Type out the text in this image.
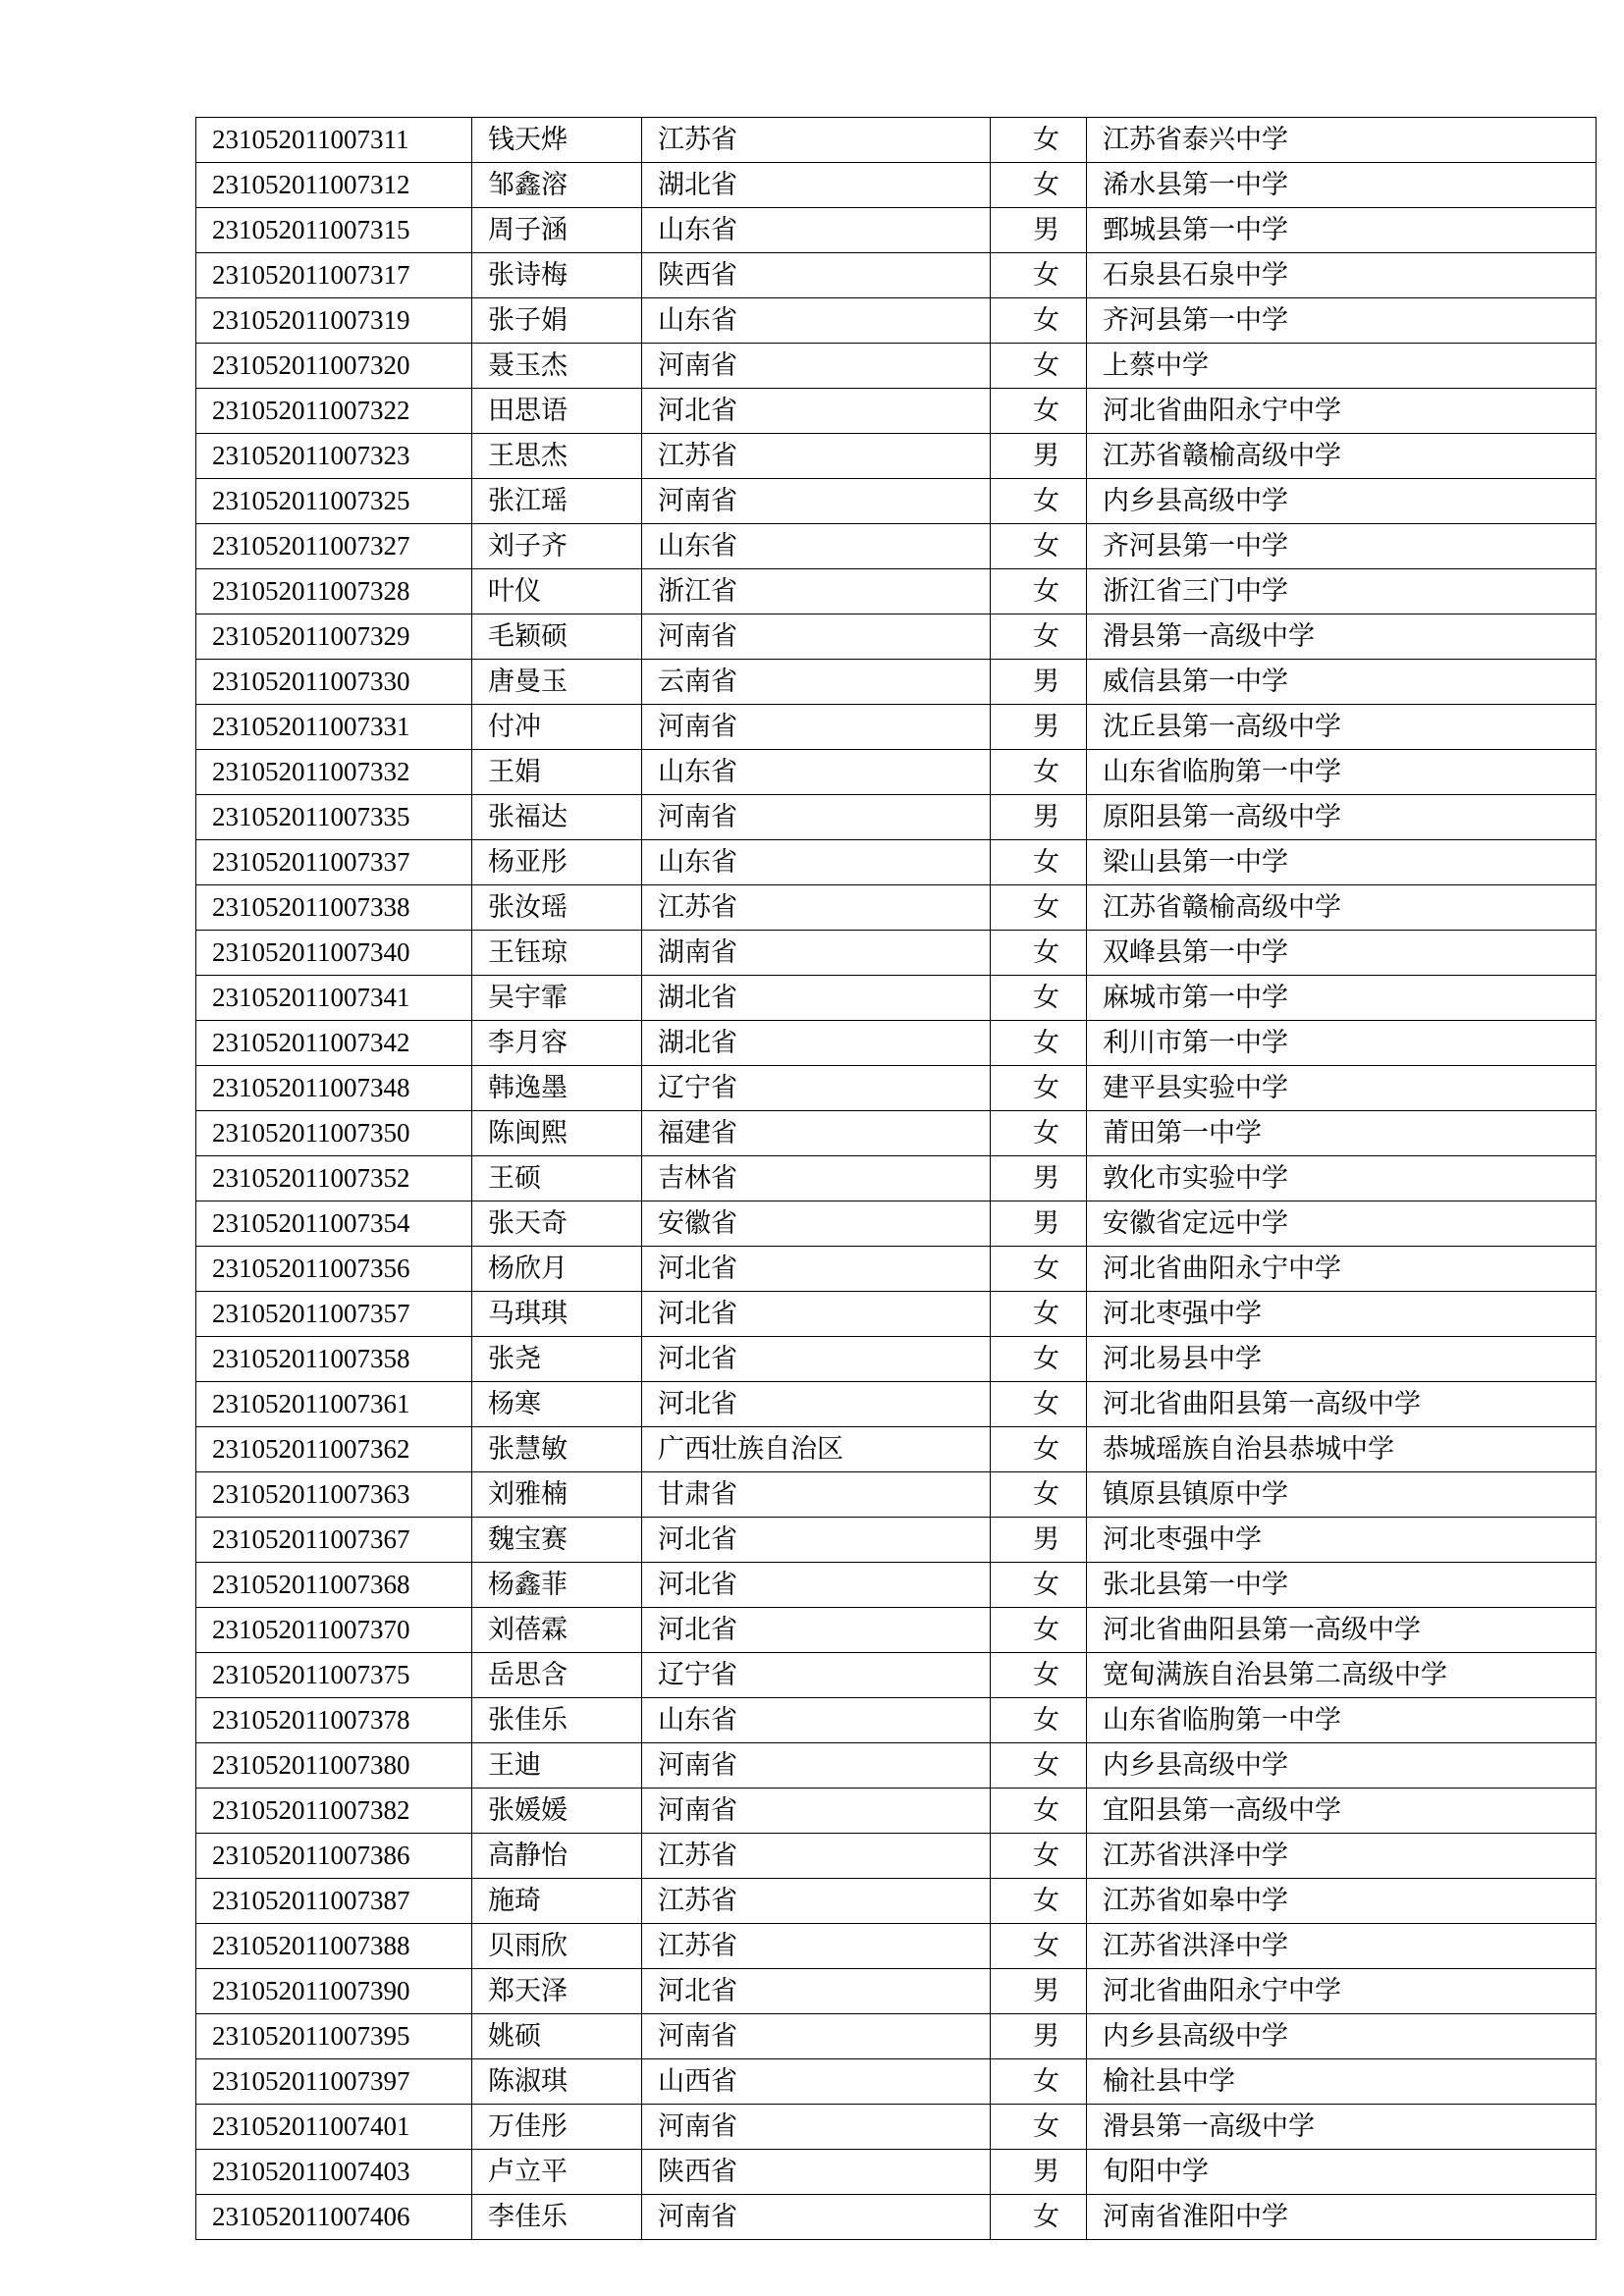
231052011007311	钱天烨	江苏省	女	江苏省泰兴中学
231052011007312	邹鑫溶	湖北省	女	浠水县第一中学
231052011007315	周子涵	山东省	男	鄄城县第一中学
231052011007317	张诗梅	陕西省	女	石泉县石泉中学
231052011007319	张子娟	山东省	女	齐河县第一中学
231052011007320	聂玉杰	河南省	女	上蔡中学
231052011007322	田思语	河北省	女	河北省曲阳永宁中学
231052011007323	王思杰	江苏省	男	江苏省赣榆高级中学
231052011007325	张江瑶	河南省	女	内乡县高级中学
231052011007327	刘子齐	山东省	女	齐河县第一中学
231052011007328	叶仪	浙江省	女	浙江省三门中学
231052011007329	毛颖硕	河南省	女	滑县第一高级中学
231052011007330	唐曼玉	云南省	男	威信县第一中学
231052011007331	付冲	河南省	男	沈丘县第一高级中学
231052011007332	王娟	山东省	女	山东省临朐第一中学
231052011007335	张福达	河南省	男	原阳县第一高级中学
231052011007337	杨亚彤	山东省	女	梁山县第一中学
231052011007338	张汝瑶	江苏省	女	江苏省赣榆高级中学
231052011007340	王钰琼	湖南省	女	双峰县第一中学
231052011007341	吴宇霏	湖北省	女	麻城市第一中学
231052011007342	李月容	湖北省	女	利川市第一中学
231052011007348	韩逸墨	辽宁省	女	建平县实验中学
231052011007350	陈闽熙	福建省	女	莆田第一中学
231052011007352	王硕	吉林省	男	敦化市实验中学
231052011007354	张天奇	安徽省	男	安徽省定远中学
231052011007356	杨欣月	河北省	女	河北省曲阳永宁中学
231052011007357	马琪琪	河北省	女	河北枣强中学
231052011007358	张尧	河北省	女	河北易县中学
231052011007361	杨寒	河北省	女	河北省曲阳县第一高级中学
231052011007362	张慧敏	广西壮族自治区	女	恭城瑶族自治县恭城中学
231052011007363	刘雅楠	甘肃省	女	镇原县镇原中学
231052011007367	魏宝赛	河北省	男	河北枣强中学
231052011007368	杨鑫菲	河北省	女	张北县第一中学
231052011007370	刘蓓霖	河北省	女	河北省曲阳县第一高级中学
231052011007375	岳思含	辽宁省	女	宽甸满族自治县第二高级中学
231052011007378	张佳乐	山东省	女	山东省临朐第一中学
231052011007380	王迪	河南省	女	内乡县高级中学
231052011007382	张媛媛	河南省	女	宜阳县第一高级中学
231052011007386	高静怡	江苏省	女	江苏省洪泽中学
231052011007387	施琦	江苏省	女	江苏省如皋中学
231052011007388	贝雨欣	江苏省	女	江苏省洪泽中学
231052011007390	郑天泽	河北省	男	河北省曲阳永宁中学
231052011007395	姚硕	河南省	男	内乡县高级中学
231052011007397	陈淑琪	山西省	女	榆社县中学
231052011007401	万佳彤	河南省	女	滑县第一高级中学
231052011007403	卢立平	陕西省	男	旬阳中学
231052011007406	李佳乐	河南省	女	河南省淮阳中学
